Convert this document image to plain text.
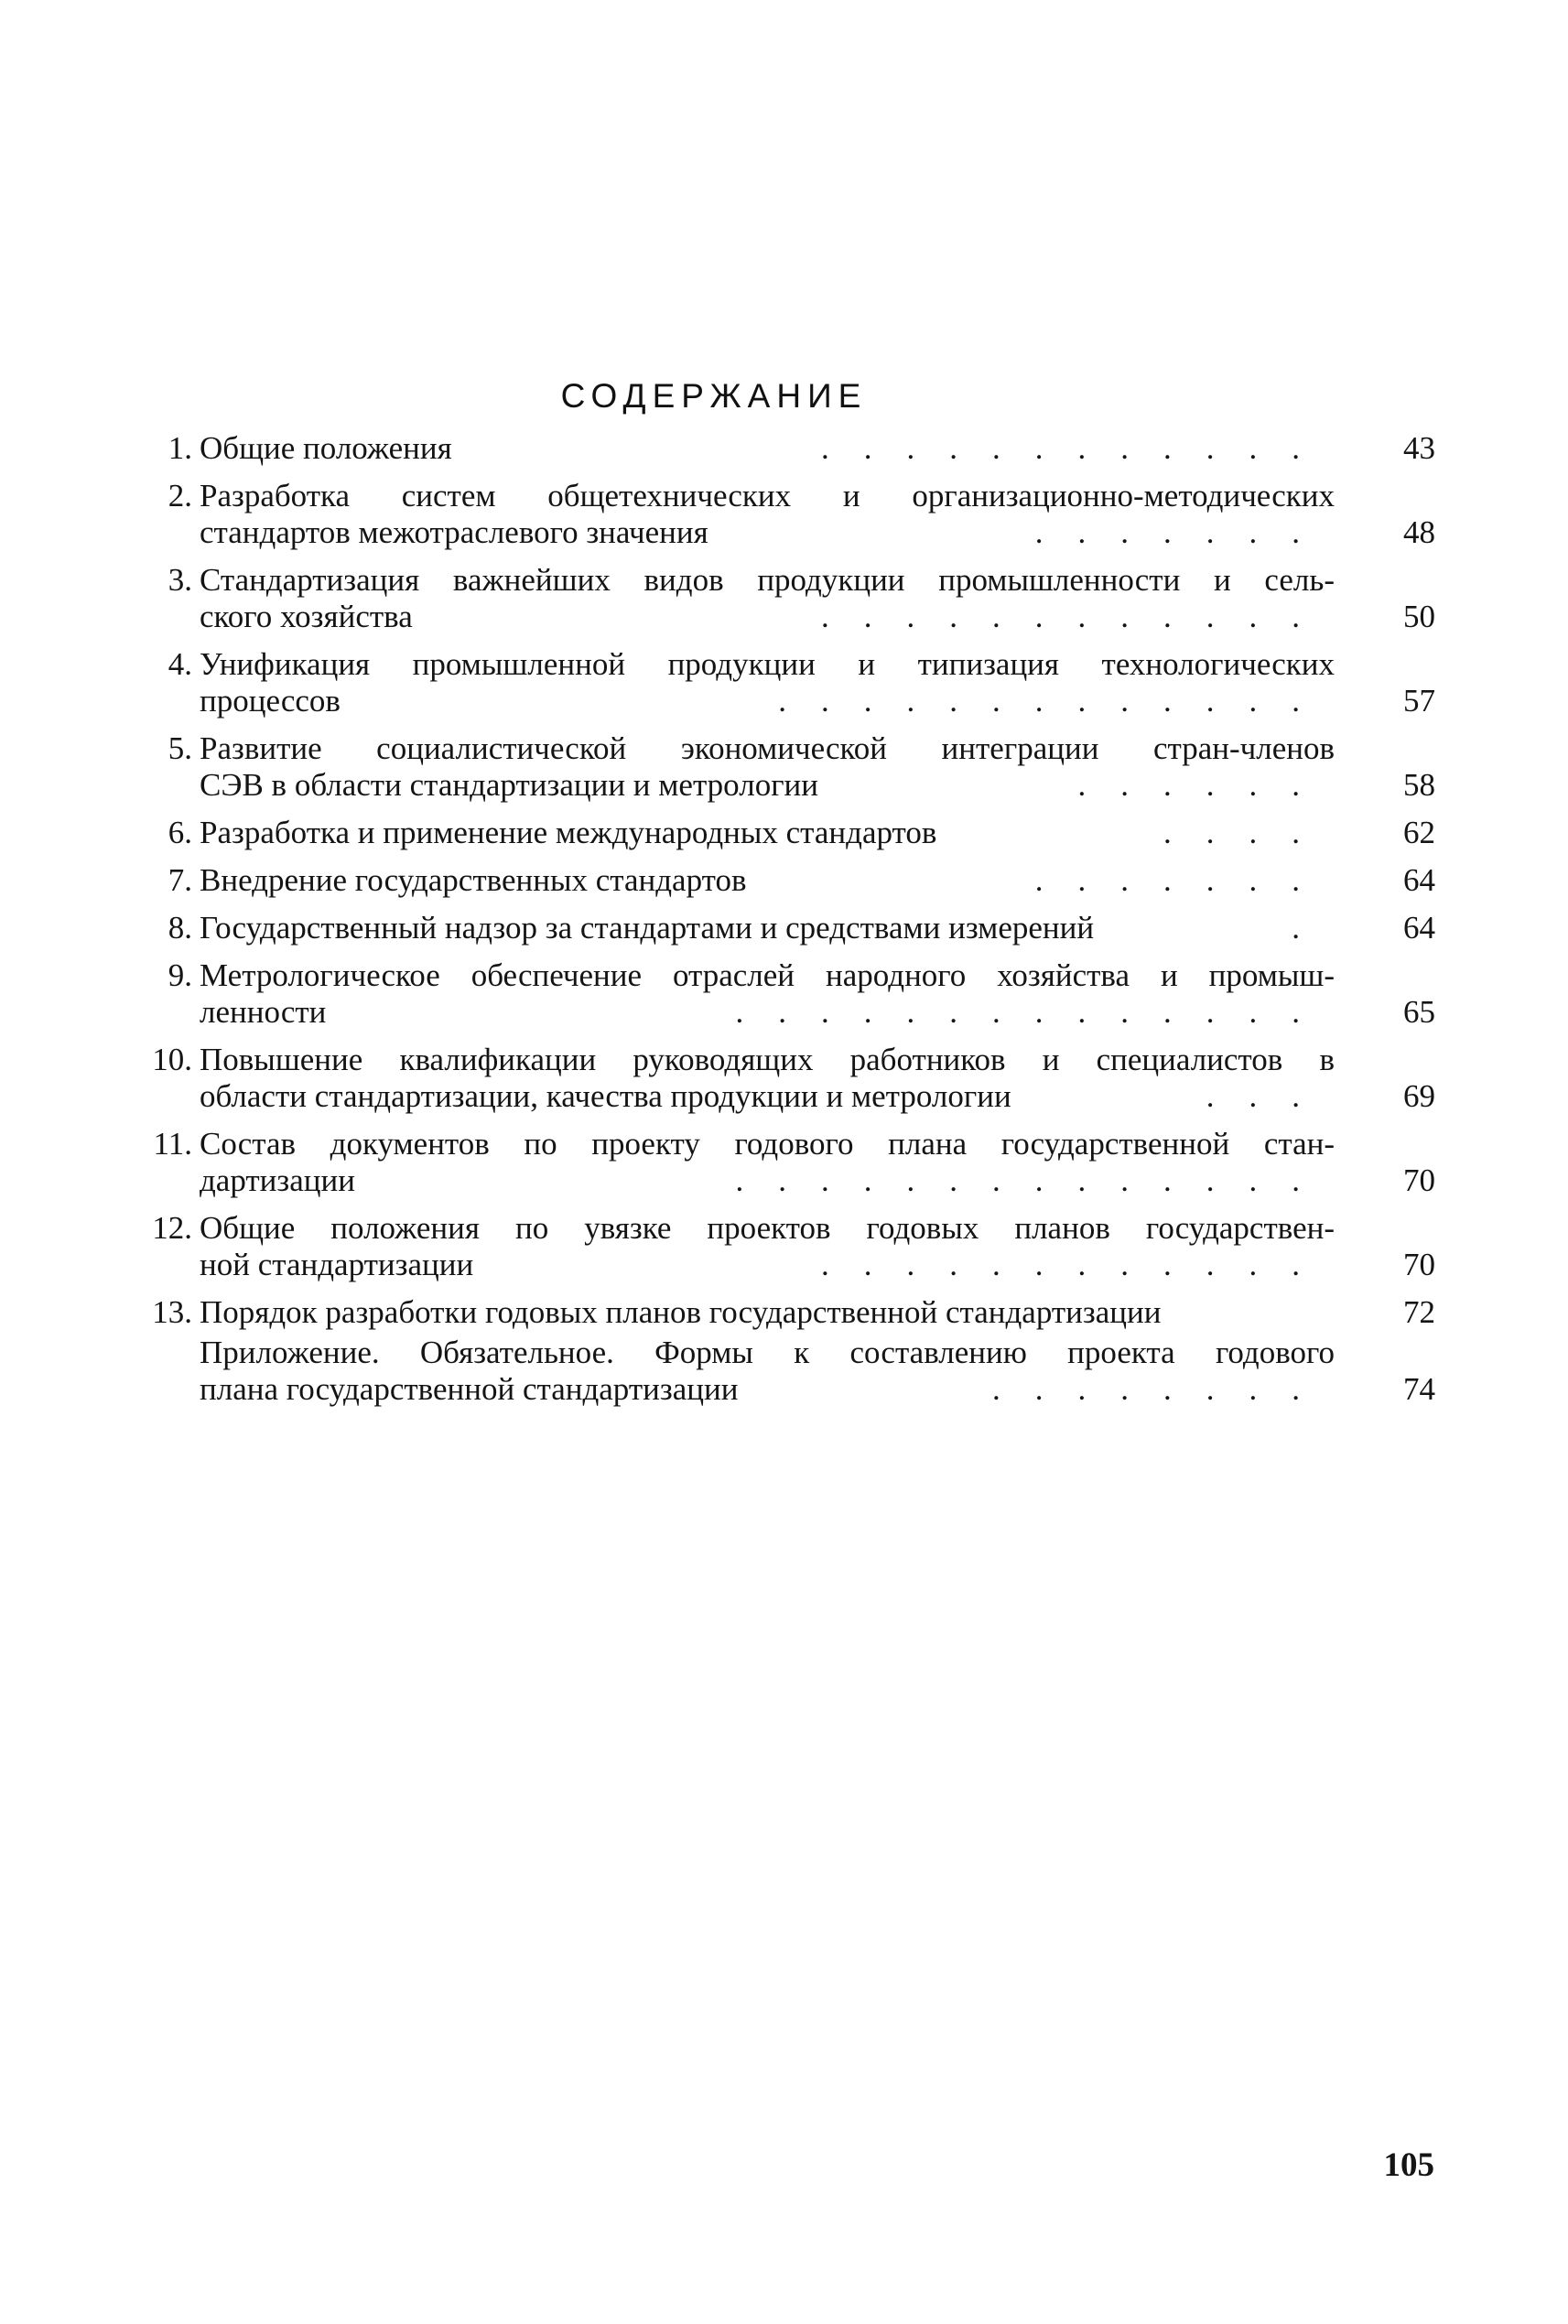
СОДЕРЖАНИЕ
1. Общие положения	............	43
2. Разработка систем общетехнических и организационно-методических
стандартов межотраслевого значения	.......	48
3. Стандартизация важнейших видов продукции промышленности и сель-
ского хозяйства	............	50
4. Унификация промышленной продукции и типизация технологических
процессов	.............	57
5. Развитие социалистической экономической интеграции стран-членов
СЭВ в области стандартизации и метрологии	......	58
6. Разработка и применение международных стандартов	....	62
7. Внедрение государственных стандартов	.......	64
8. Государственный надзор за стандартами и средствами измерений	.	64
9. Метрологическое обеспечение отраслей народного хозяйства и промыш-
ленности	..............	65
10. Повышение квалификации руководящих работников и специалистов в
области стандартизации, качества продукции и метрологии	...	69
11. Состав документов по проекту годового плана государственной стан-
дартизации	..............	70
12. Общие положения по увязке проектов годовых планов государствен-
ной стандартизации	............	70
13. Порядок разработки годовых планов государственной стандартизации	72
Приложение. Обязательное. Формы к составлению проекта годового
плана государственной стандартизации	........	74
105
